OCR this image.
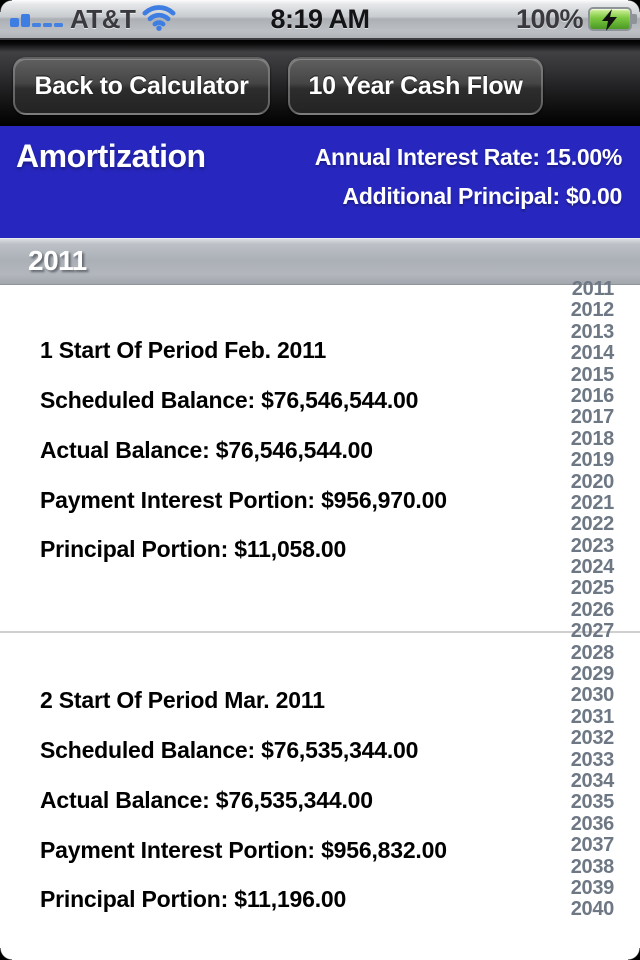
AT&T	8:19 AM	100%
Back to Calculator	10 Year Cash Flow
Amortization	Annual Interest Rate: 15.00%
Additional Principal: $0.00
2011
1 Start Of Period Feb. 2011
Scheduled Balance: $76,546,544.00
Actual Balance: $76,546,544.00
Payment Interest Portion: $956,970.00
Principal Portion: $11,058.00
2 Start Of Period Mar. 2011
Scheduled Balance: $76,535,344.00
Actual Balance: $76,535,344.00
Payment Interest Portion: $956,832.00
Principal Portion: $11,196.00
2011
2012
2013
2014
2015
2016
2017
2018
2019
2020
2021
2022
2023
2024
2025
2026
2027
2028
2029
2030
2031
2032
2033
2034
2035
2036
2037
2038
2039
2040
